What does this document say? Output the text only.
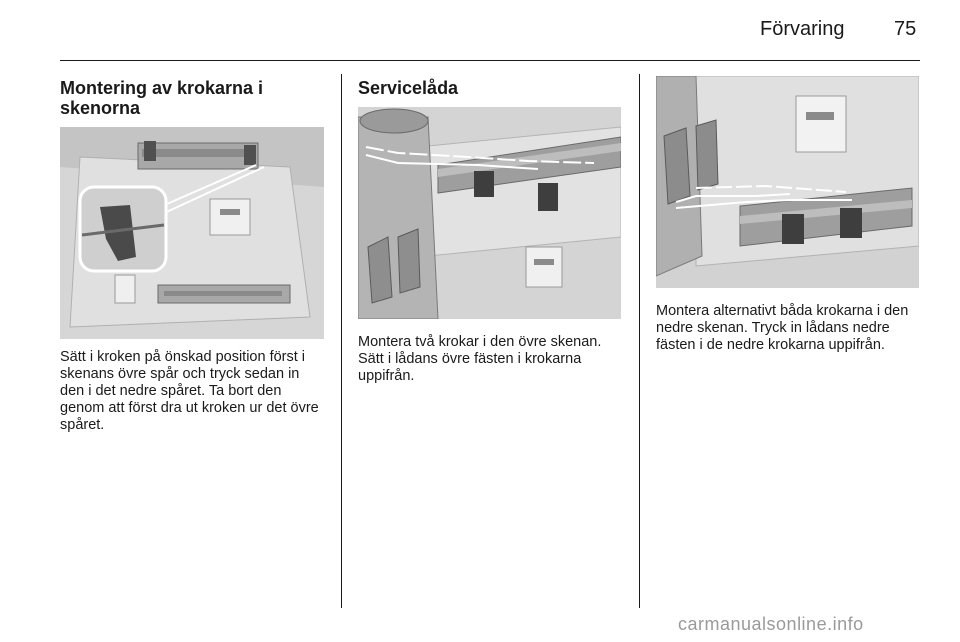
Förvaring 75
Montering av krokarna i skenorna

Sätt i kroken på önskad position först i skenans övre spår och tryck sedan in den i det nedre spåret. Ta bort den genom att först dra ut kroken ur det övre spåret.

Servicelåda

Montera två krokar i den övre skenan. Sätt i lådans övre fästen i krokarna uppifrån.

Montera alternativt båda krokarna i den nedre skenan. Tryck in lådans nedre fästen i de nedre krokarna uppifrån.

carmanualsonline.info
